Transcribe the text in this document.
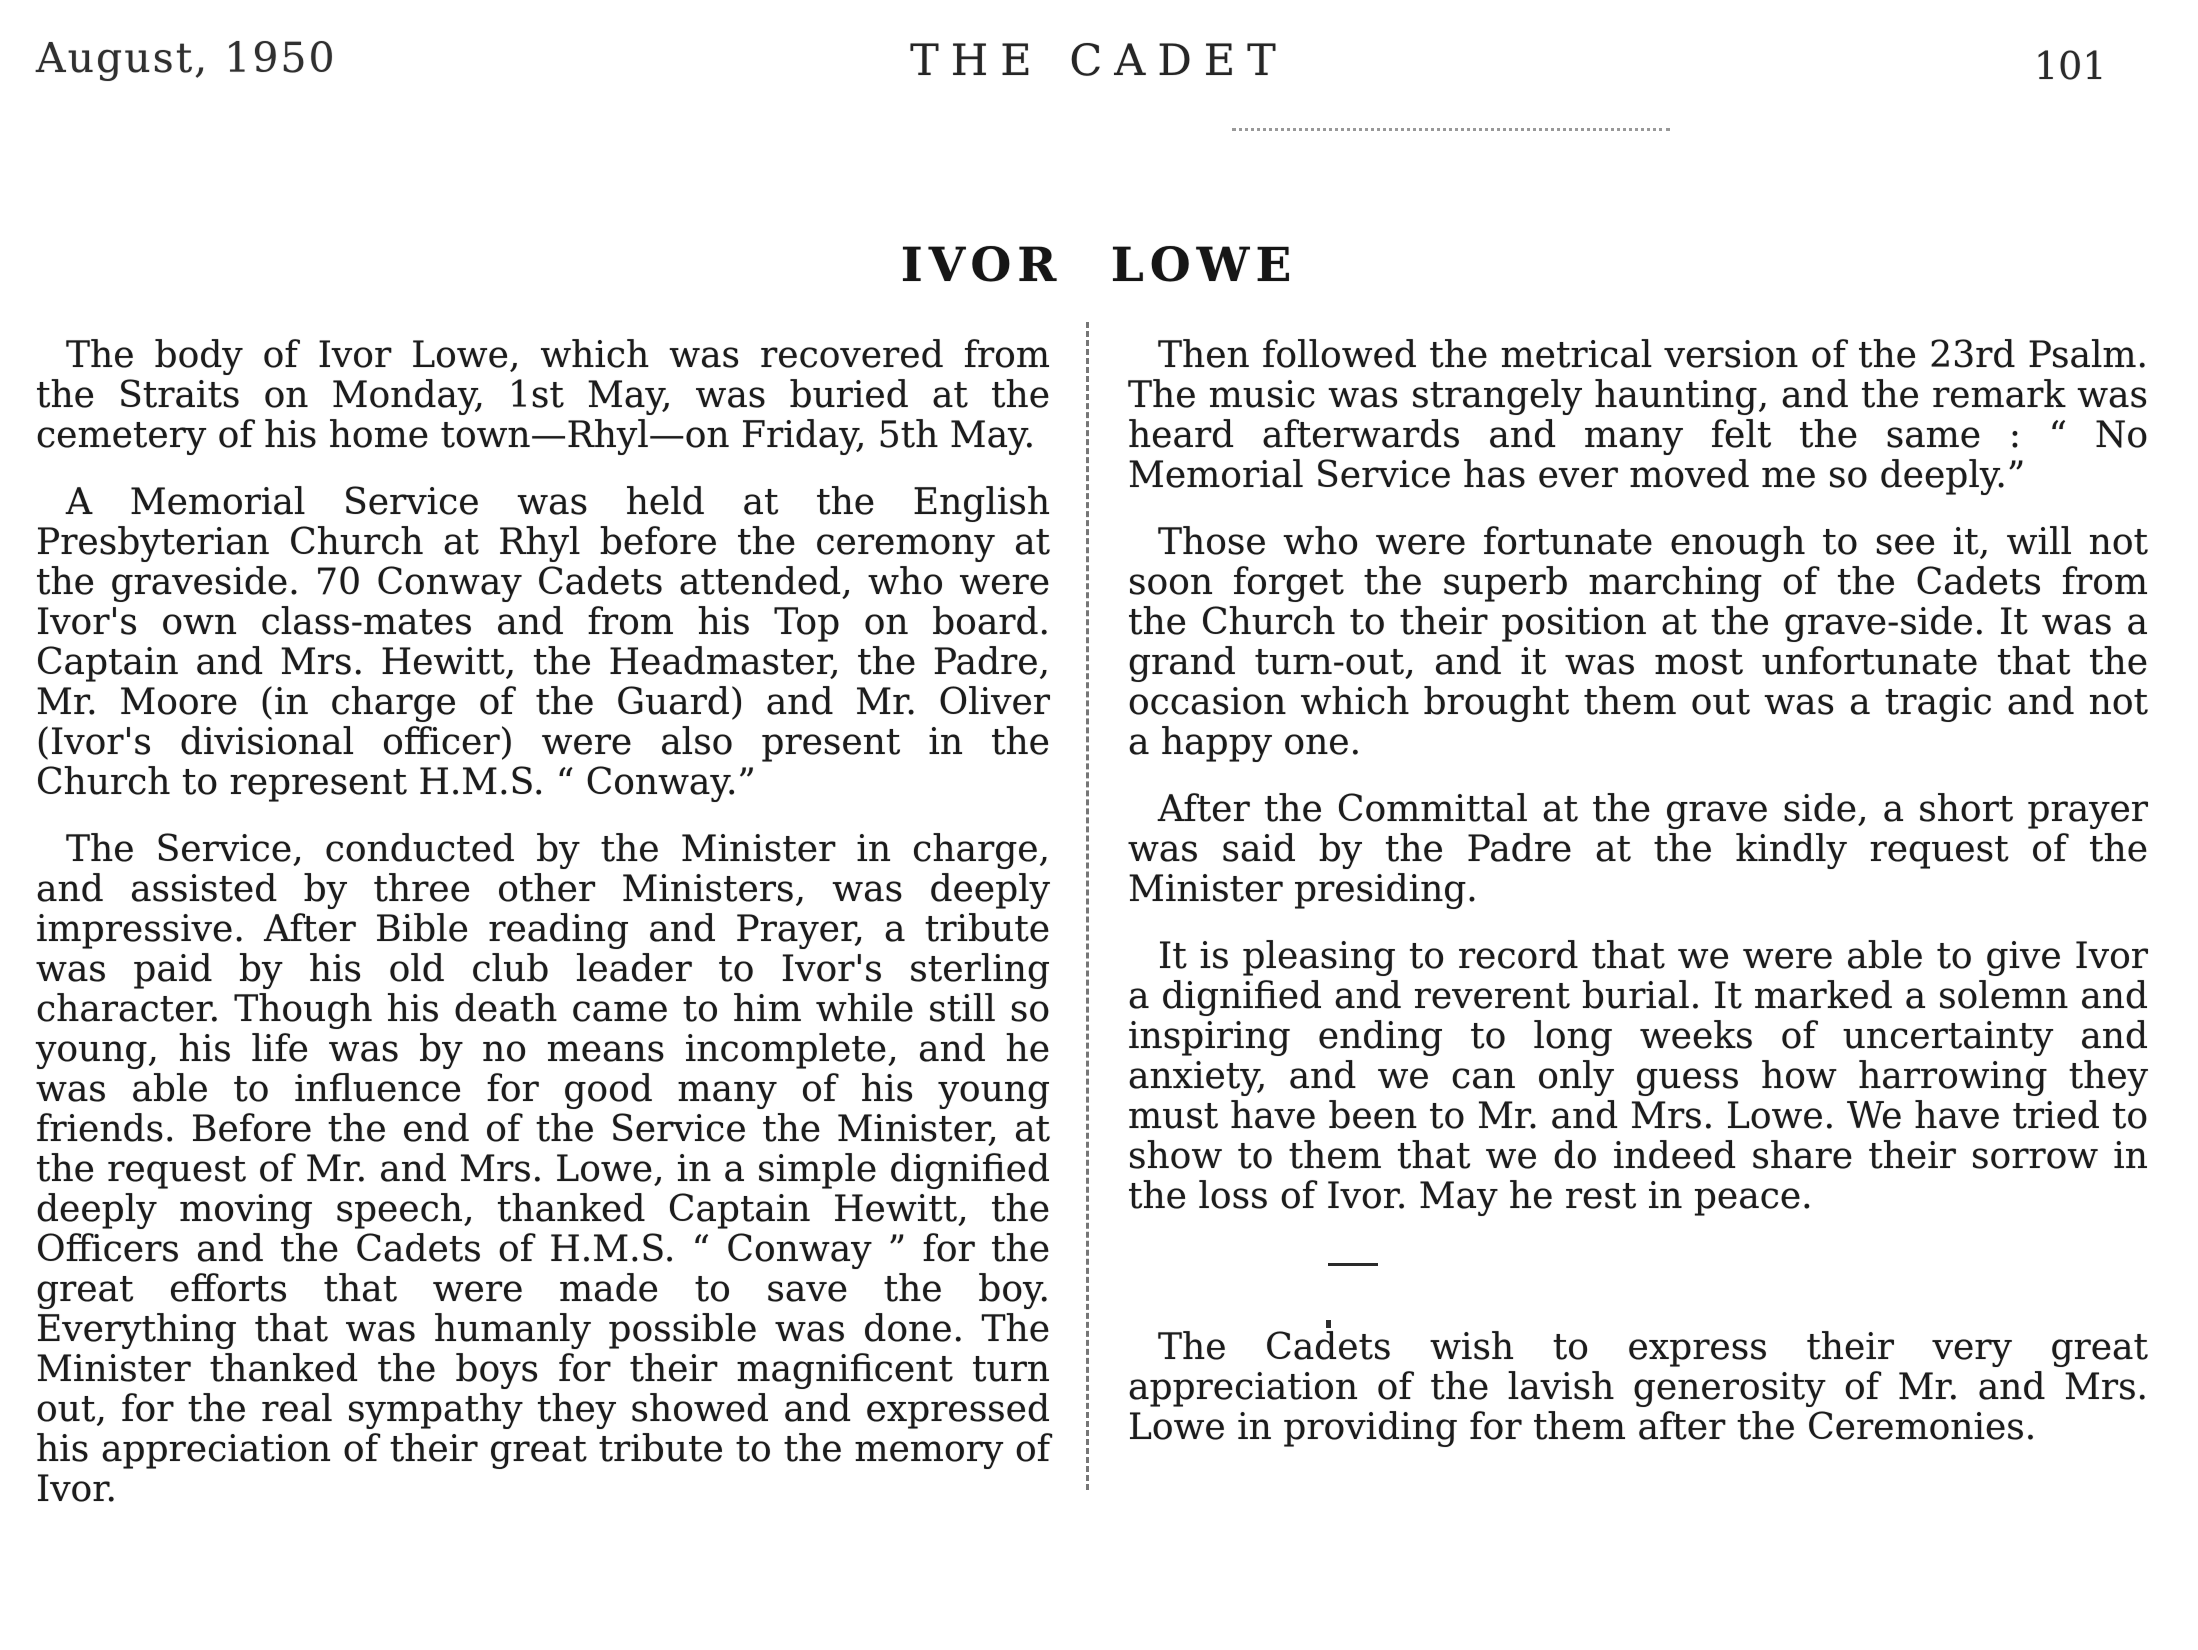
August, 1950	THE CADET	101
IVOR LOWE

The body of Ivor Lowe, which was recovered from the Straits on Monday, 1st May, was buried at the cemetery of his home town—Rhyl—on Friday, 5th May.

A Memorial Service was held at the English Presbyterian Church at Rhyl before the ceremony at the graveside. 70 Conway Cadets attended, who were Ivor's own class-mates and from his Top on board. Captain and Mrs. Hewitt, the Headmaster, the Padre, Mr. Moore (in charge of the Guard) and Mr. Oliver (Ivor's divisional officer) were also present in the Church to represent H.M.S. “ Conway.”

The Service, conducted by the Minister in charge, and assisted by three other Ministers, was deeply impressive. After Bible reading and Prayer, a tribute was paid by his old club leader to Ivor's sterling character. Though his death came to him while still so young, his life was by no means incomplete, and he was able to influence for good many of his young friends. Before the end of the Service the Minister, at the request of Mr. and Mrs. Lowe, in a simple dignified deeply moving speech, thanked Captain Hewitt, the Officers and the Cadets of H.M.S. “ Conway ” for the great efforts that were made to save the boy. Everything that was humanly possible was done. The Minister thanked the boys for their magnificent turn out, for the real sympathy they showed and expressed his appreciation of their great tribute to the memory of Ivor.

Then followed the metrical version of the 23rd Psalm. The music was strangely haunting, and the remark was heard afterwards and many felt the same : “ No Memorial Service has ever moved me so deeply.”

Those who were fortunate enough to see it, will not soon forget the superb marching of the Cadets from the Church to their position at the grave-side. It was a grand turn-out, and it was most unfortunate that the occasion which brought them out was a tragic and not a happy one.

After the Committal at the grave side, a short prayer was said by the Padre at the kindly request of the Minister presiding.

It is pleasing to record that we were able to give Ivor a dignified and reverent burial. It marked a solemn and inspiring ending to long weeks of uncertainty and anxiety, and we can only guess how harrowing they must have been to Mr. and Mrs. Lowe. We have tried to show to them that we do indeed share their sorrow in the loss of Ivor. May he rest in peace.

The Cadets wish to express their very great appreciation of the lavish generosity of Mr. and Mrs. Lowe in providing for them after the Ceremonies.
